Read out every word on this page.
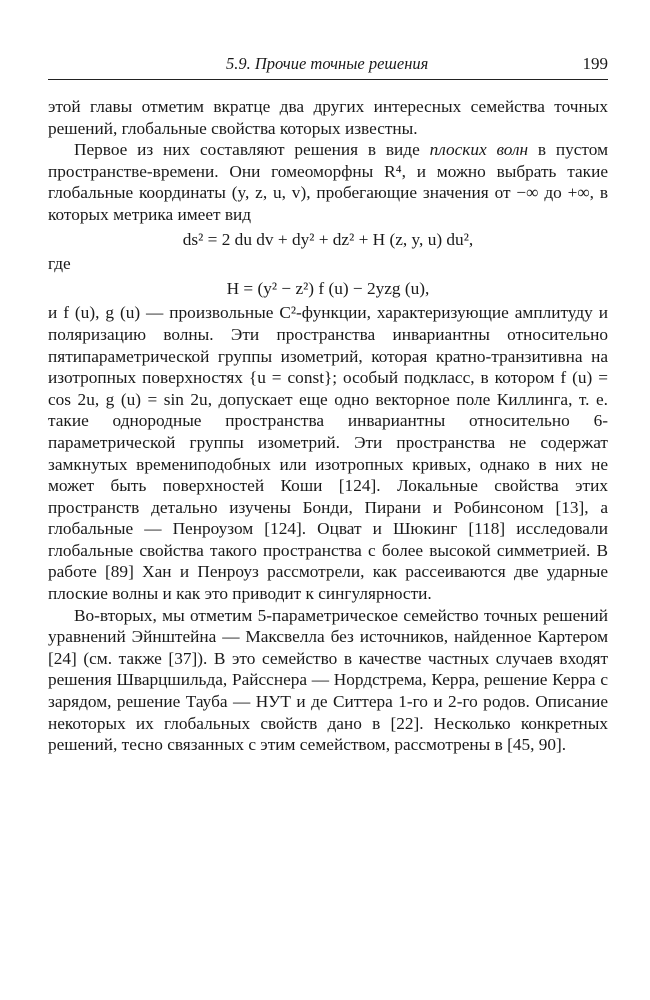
5.9. Прочие точные решения	199

этой главы отметим вкратце два других интересных семейства точных решений, глобальные свойства которых известны.

Первое из них составляют решения в виде плоских волн в пустом пространстве-времени. Они гомеоморфны R⁴, и можно выбрать такие глобальные координаты (y, z, u, v), пробегающие значения от −∞ до +∞, в которых метрика имеет вид

ds² = 2 du dv + dy² + dz² + H (z, y, u) du²,

где

H = (y² − z²) f (u) − 2yzg (u),

и f (u), g (u) — произвольные C²-функции, характеризующие амплитуду и поляризацию волны. Эти пространства инвариантны относительно пятипараметрической группы изометрий, которая кратно-транзитивна на изотропных поверхностях {u = const}; особый подкласс, в котором f (u) = cos 2u, g (u) = sin 2u, допускает еще одно векторное поле Киллинга, т. е. такие однородные пространства инвариантны относительно 6-параметрической группы изометрий. Эти пространства не содержат замкнутых времениподобных или изотропных кривых, однако в них не может быть поверхностей Коши [124]. Локальные свойства этих пространств детально изучены Бонди, Пирани и Робинсоном [13], а глобальные — Пенроузом [124]. Оцват и Шюкинг [118] исследовали глобальные свойства такого пространства с более высокой симметрией. В работе [89] Хан и Пенроуз рассмотрели, как рассеиваются две ударные плоские волны и как это приводит к сингулярности.

Во-вторых, мы отметим 5-параметрическое семейство точных решений уравнений Эйнштейна — Максвелла без источников, найденное Картером [24] (см. также [37]). В это семейство в качестве частных случаев входят решения Шварцшильда, Райсснера — Нордстрема, Керра, решение Керра с зарядом, решение Тауба — НУТ и де Ситтера 1-го и 2-го родов. Описание некоторых их глобальных свойств дано в [22]. Несколько конкретных решений, тесно связанных с этим семейством, рассмотрены в [45, 90].
